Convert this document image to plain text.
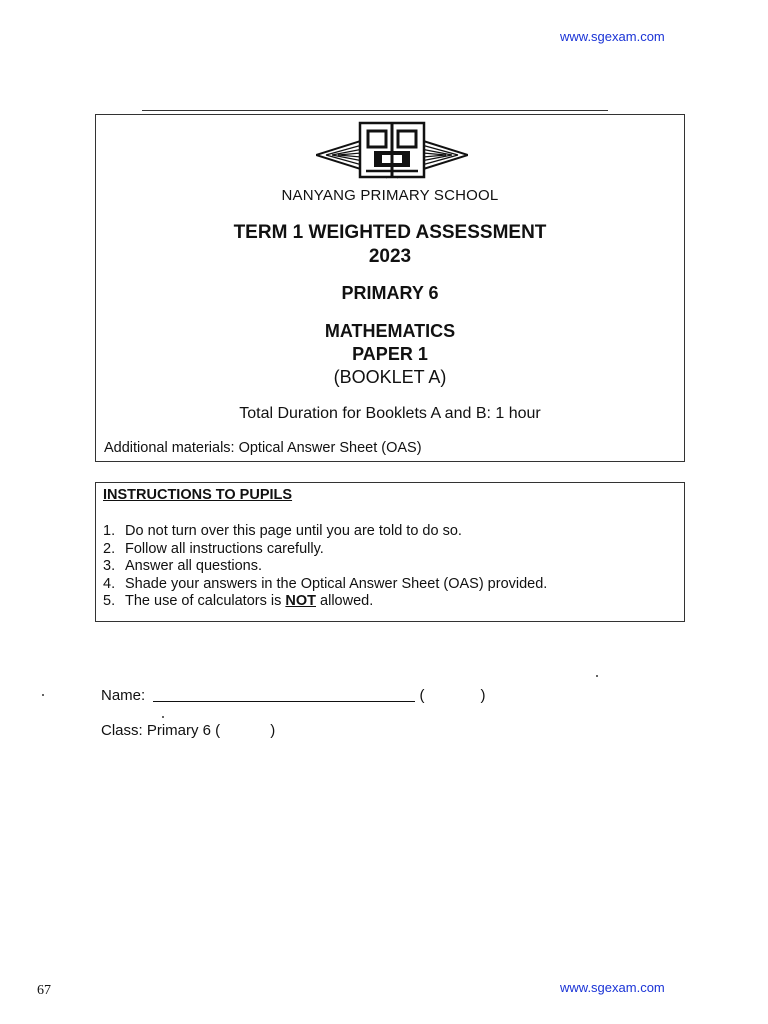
www.sgexam.com
NANYANG PRIMARY SCHOOL
TERM 1 WEIGHTED ASSESSMENT
2023
PRIMARY 6
MATHEMATICS
PAPER 1
(BOOKLET A)
Total Duration for Booklets A and B: 1 hour
Additional materials: Optical Answer Sheet (OAS)
INSTRUCTIONS TO PUPILS
1. Do not turn over this page until you are told to do so.
2. Follow all instructions carefully.
3. Answer all questions.
4. Shade your answers in the Optical Answer Sheet (OAS) provided.
5. The use of calculators is NOT allowed.
Name:	(	)
Class: Primary 6 (	)
67	www.sgexam.com
